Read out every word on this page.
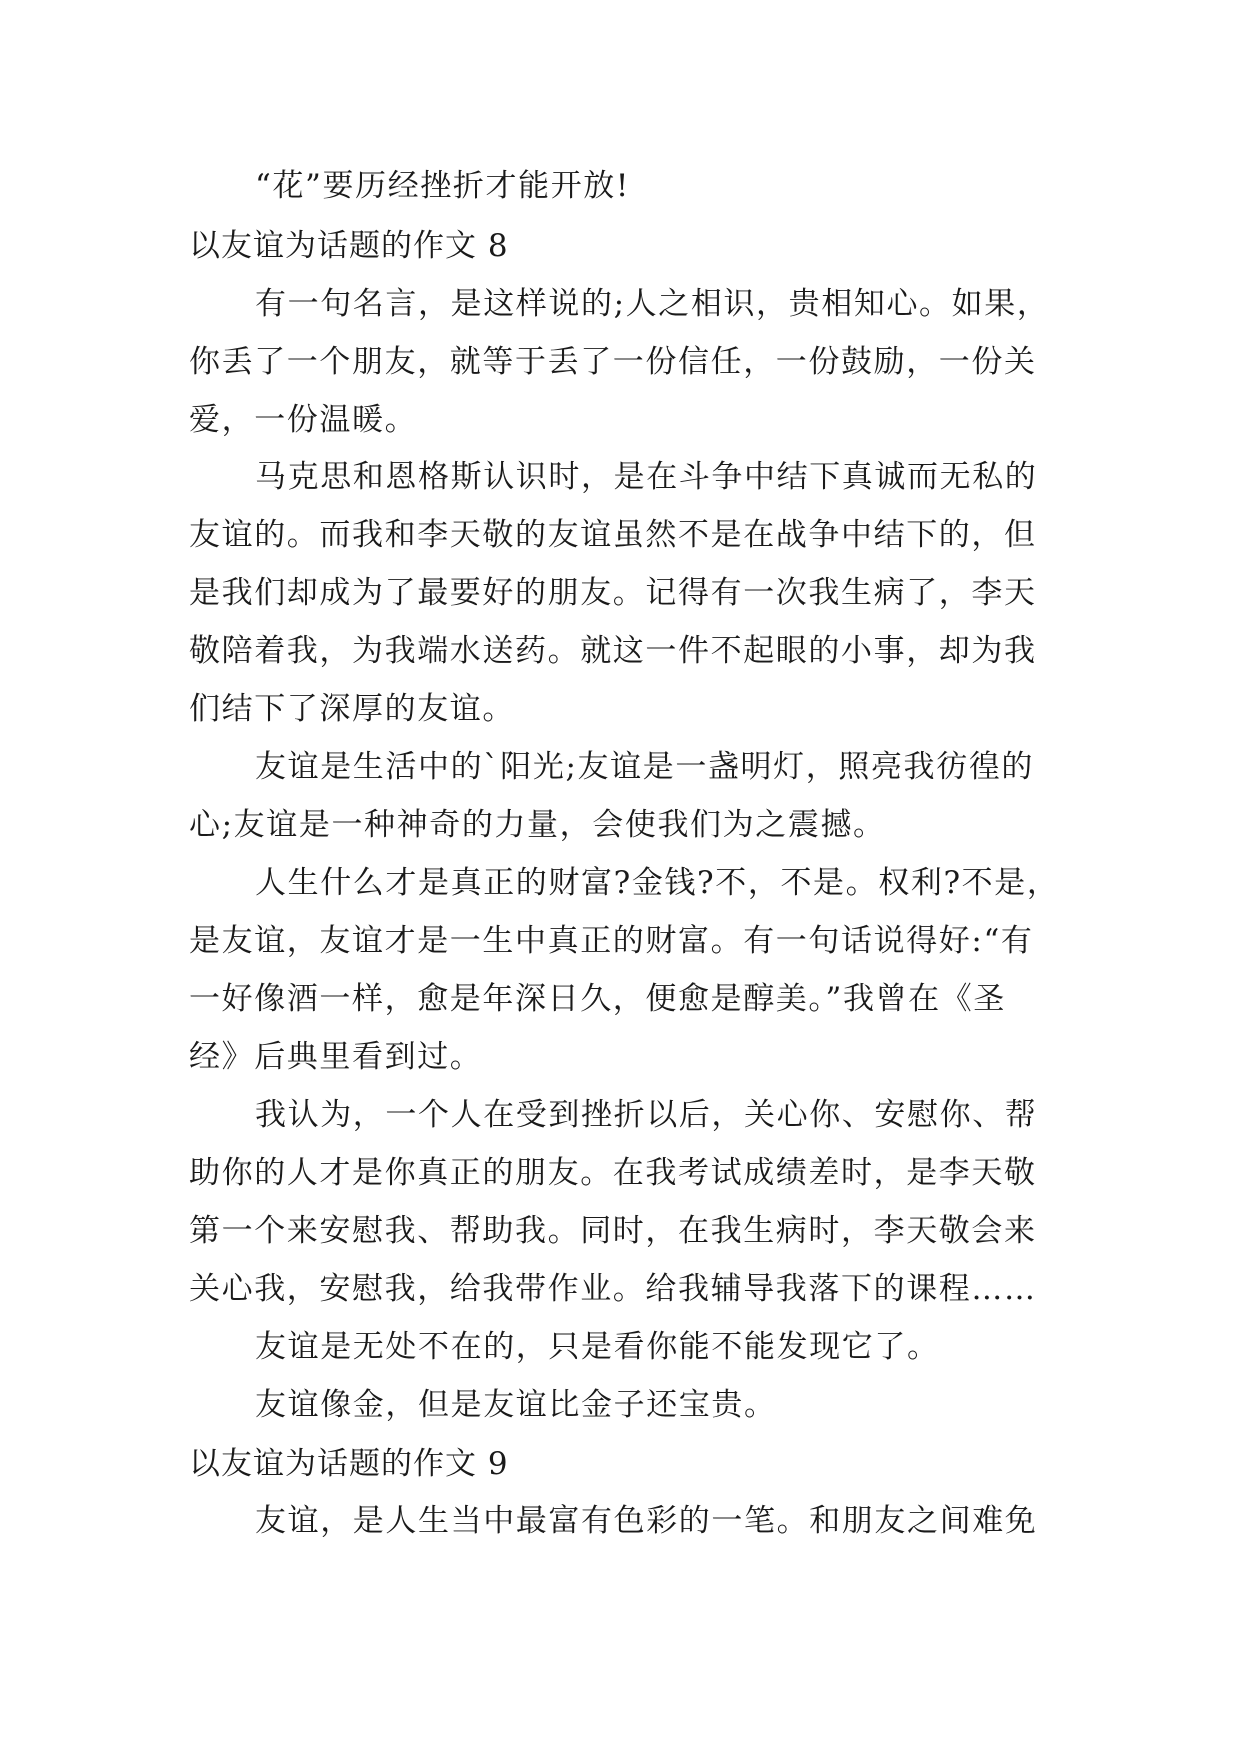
“花”要历经挫折才能开放!
以友谊为话题的作文 8
有一句名言，是这样说的;人之相识，贵相知心。如果，
你丢了一个朋友，就等于丢了一份信任，一份鼓励，一份关
爱，一份温暖。
马克思和恩格斯认识时，是在斗争中结下真诚而无私的
友谊的。而我和李天敬的友谊虽然不是在战争中结下的，但
是我们却成为了最要好的朋友。记得有一次我生病了，李天
敬陪着我，为我端水送药。就这一件不起眼的小事，却为我
们结下了深厚的友谊。
友谊是生活中的`阳光;友谊是一盏明灯，照亮我彷徨的
心;友谊是一种神奇的力量，会使我们为之震撼。
人生什么才是真正的财富?金钱?不，不是。权利?不是，
是友谊，友谊才是一生中真正的财富。有一句话说得好:“有
一好像酒一样，愈是年深日久，便愈是醇美。”我曾在《圣
经》后典里看到过。
我认为，一个人在受到挫折以后，关心你、安慰你、帮
助你的人才是你真正的朋友。在我考试成绩差时，是李天敬
第一个来安慰我、帮助我。同时，在我生病时，李天敬会来
关心我，安慰我，给我带作业。给我辅导我落下的课程……
友谊是无处不在的，只是看你能不能发现它了。
友谊像金，但是友谊比金子还宝贵。
以友谊为话题的作文 9
友谊，是人生当中最富有色彩的一笔。和朋友之间难免
